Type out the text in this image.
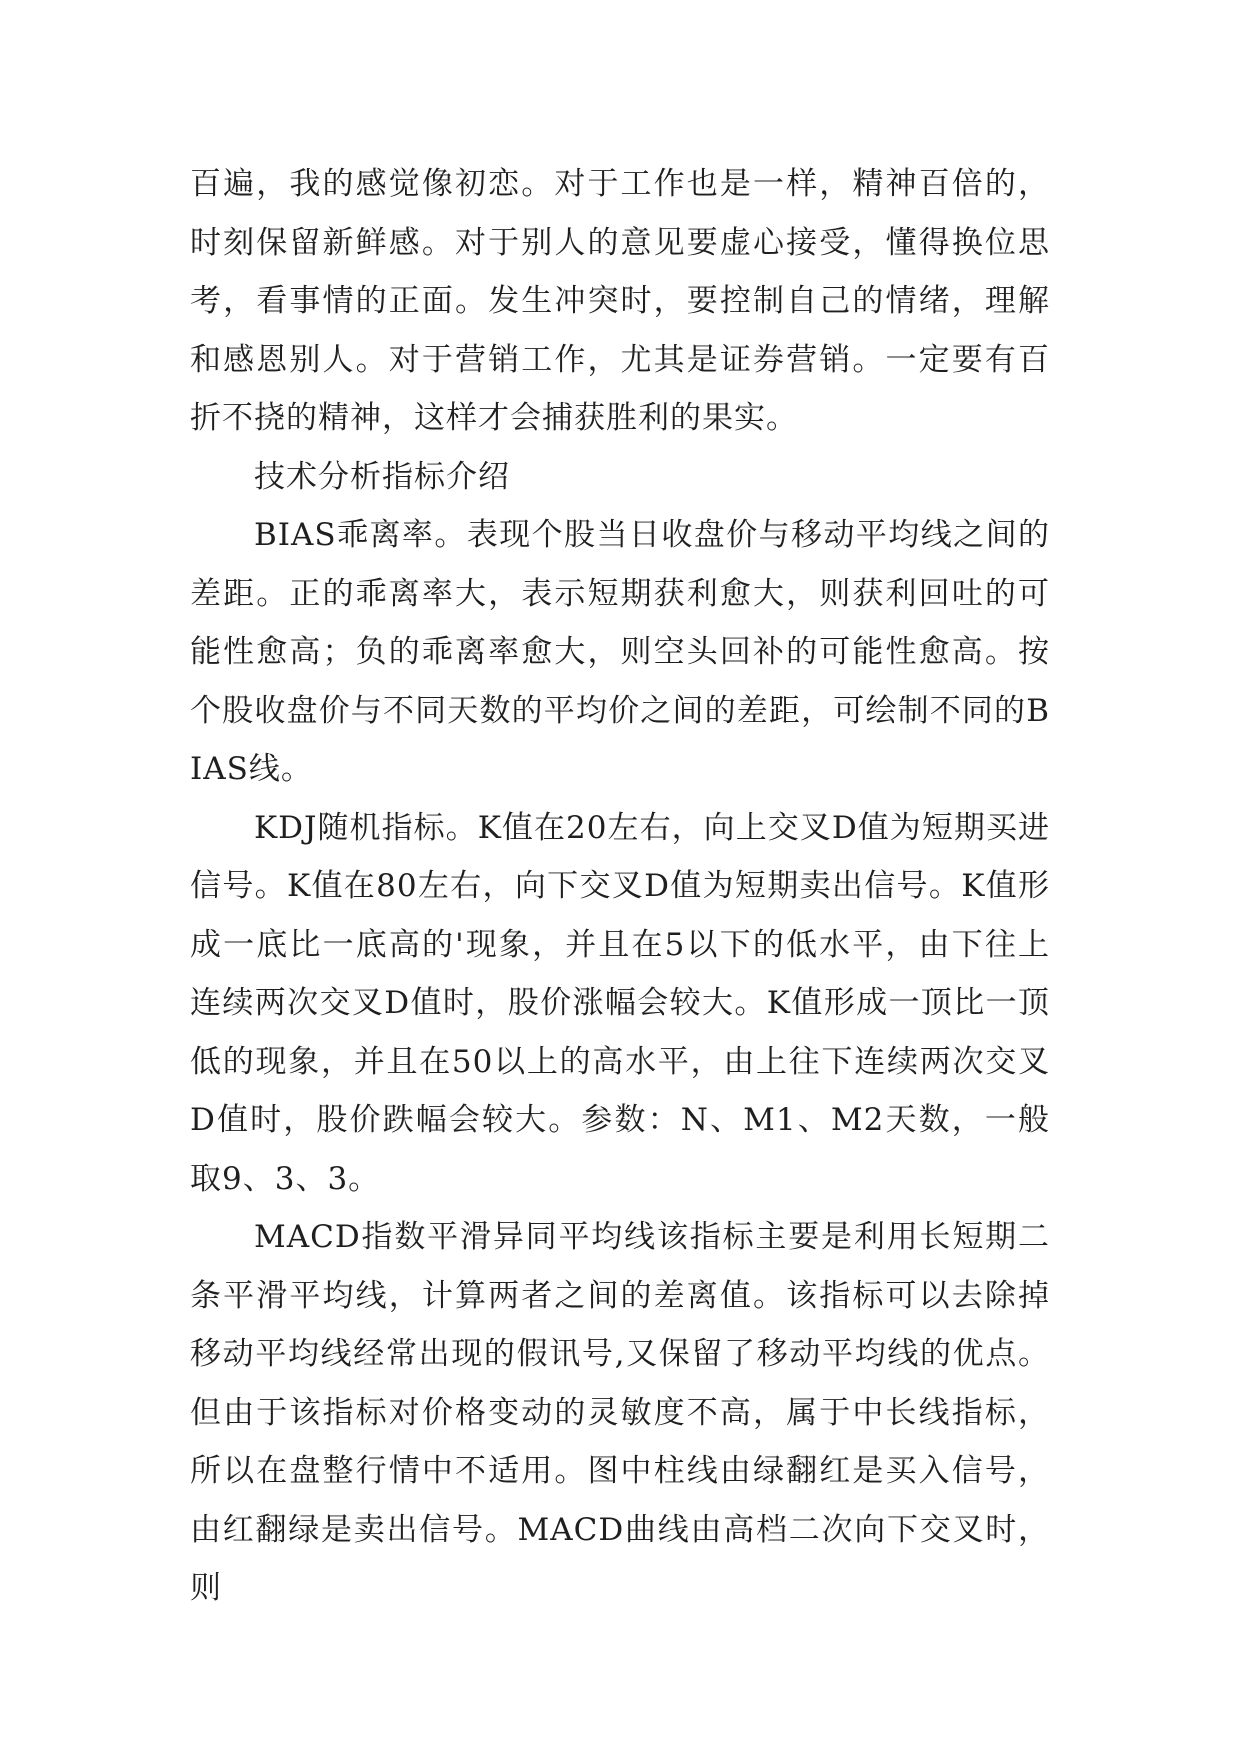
百遍，我的感觉像初恋。对于工作也是一样，精神百倍的，时刻保留新鲜感。对于别人的意见要虚心接受，懂得换位思考，看事情的正面。发生冲突时，要控制自己的情绪，理解和感恩别人。对于营销工作，尤其是证券营销。一定要有百折不挠的精神，这样才会捕获胜利的果实。

技术分析指标介绍

BIAS乖离率。表现个股当日收盘价与移动平均线之间的差距。正的乖离率大，表示短期获利愈大，则获利回吐的可能性愈高；负的乖离率愈大，则空头回补的可能性愈高。按个股收盘价与不同天数的平均价之间的差距，可绘制不同的BIAS线。

KDJ随机指标。K值在20左右，向上交叉D值为短期买进信号。K值在80左右，向下交叉D值为短期卖出信号。K值形成一底比一底高的'现象，并且在5以下的低水平，由下往上连续两次交叉D值时，股价涨幅会较大。K值形成一顶比一顶低的现象，并且在50以上的高水平，由上往下连续两次交叉D值时，股价跌幅会较大。参数：N、M1、M2天数，一般取9、3、3。

MACD指数平滑异同平均线该指标主要是利用长短期二条平滑平均线，计算两者之间的差离值。该指标可以去除掉移动平均线经常出现的假讯号,又保留了移动平均线的优点。但由于该指标对价格变动的灵敏度不高，属于中长线指标，所以在盘整行情中不适用。图中柱线由绿翻红是买入信号，由红翻绿是卖出信号。MACD曲线由高档二次向下交叉时，则
